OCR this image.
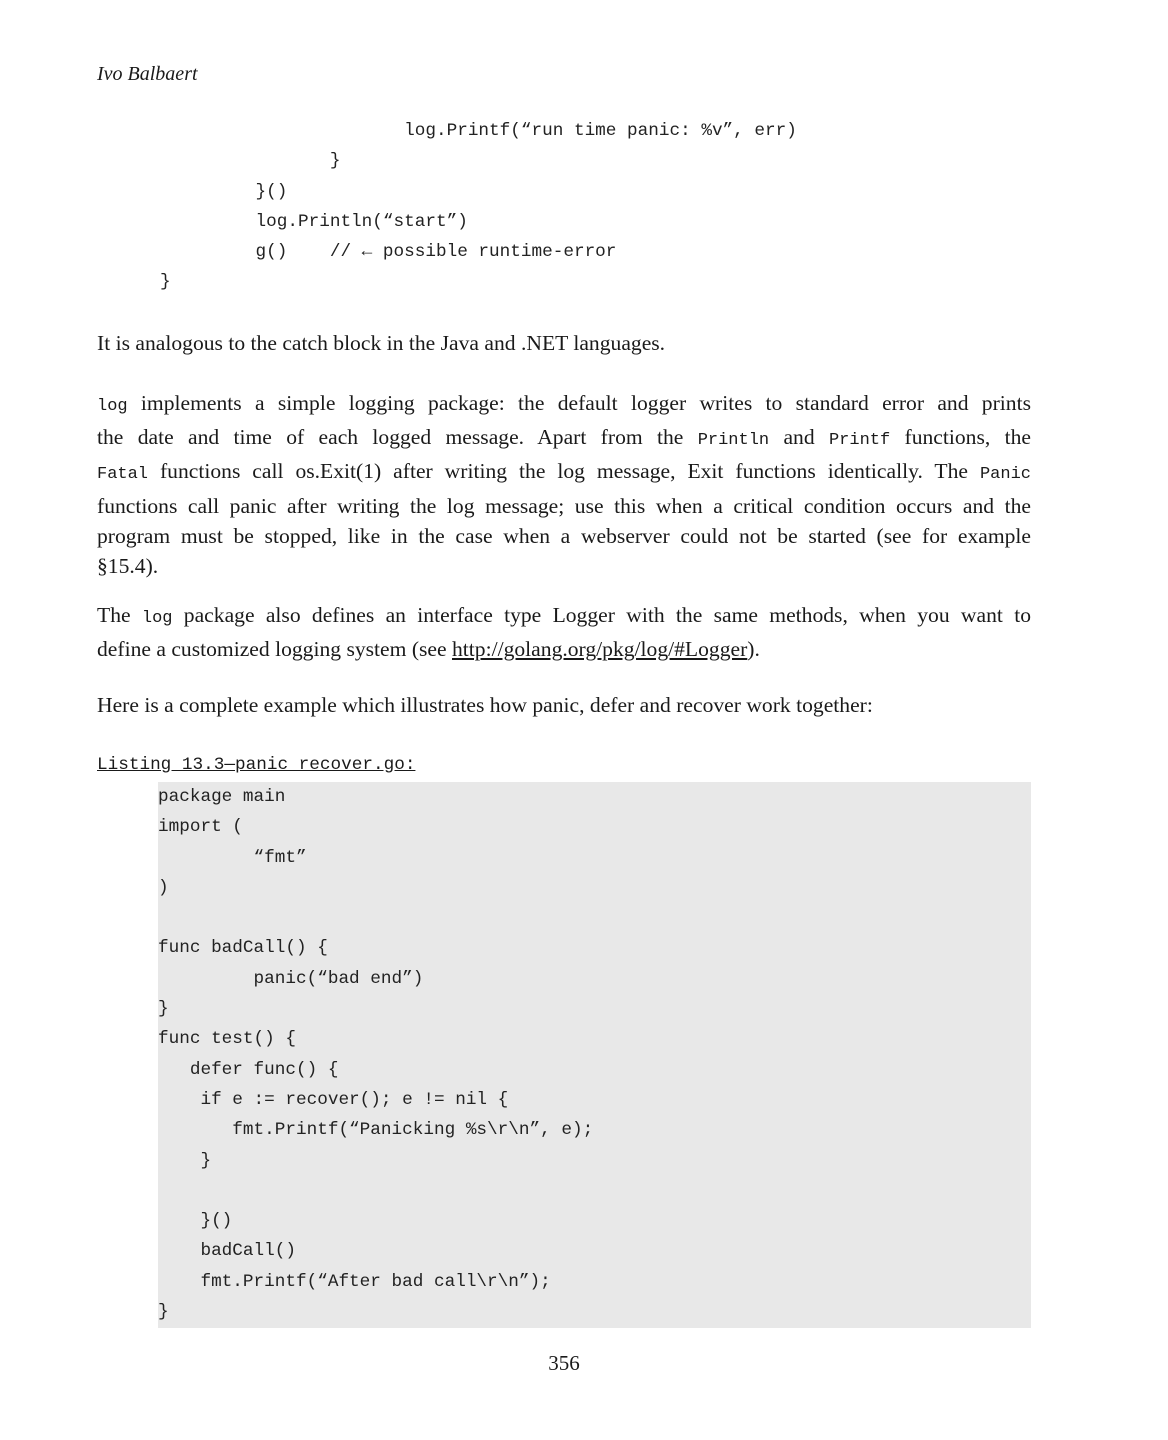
Ivo Balbaert
log.Printf(“run time panic: %v”, err)
}
}()
log.Println(“start”)
g()    // ← possible runtime-error
}
It is analogous to the catch block in the Java and .NET languages.
log implements a simple logging package: the default logger writes to standard error and prints
the date and time of each logged message. Apart from the Println and Printf functions, the
Fatal functions call os.Exit(1) after writing the log message, Exit functions identically. The Panic
functions call panic after writing the log message; use this when a critical condition occurs and the
program must be stopped, like in the case when a webserver could not be started (see for example
§15.4).
The log package also defines an interface type Logger with the same methods, when you want to
define a customized logging system (see http://golang.org/pkg/log/#Logger).
Here is a complete example which illustrates how panic, defer and recover work together:
Listing 13.3—panic_recover.go:
package main
import (
“fmt”
)

func badCall() {
panic(“bad end”)
}
func test() {
defer func() {
if e := recover(); e != nil {
fmt.Printf(“Panicking %s\r\n”, e);
}

}()
badCall()
fmt.Printf(“After bad call\r\n”);
}
356
